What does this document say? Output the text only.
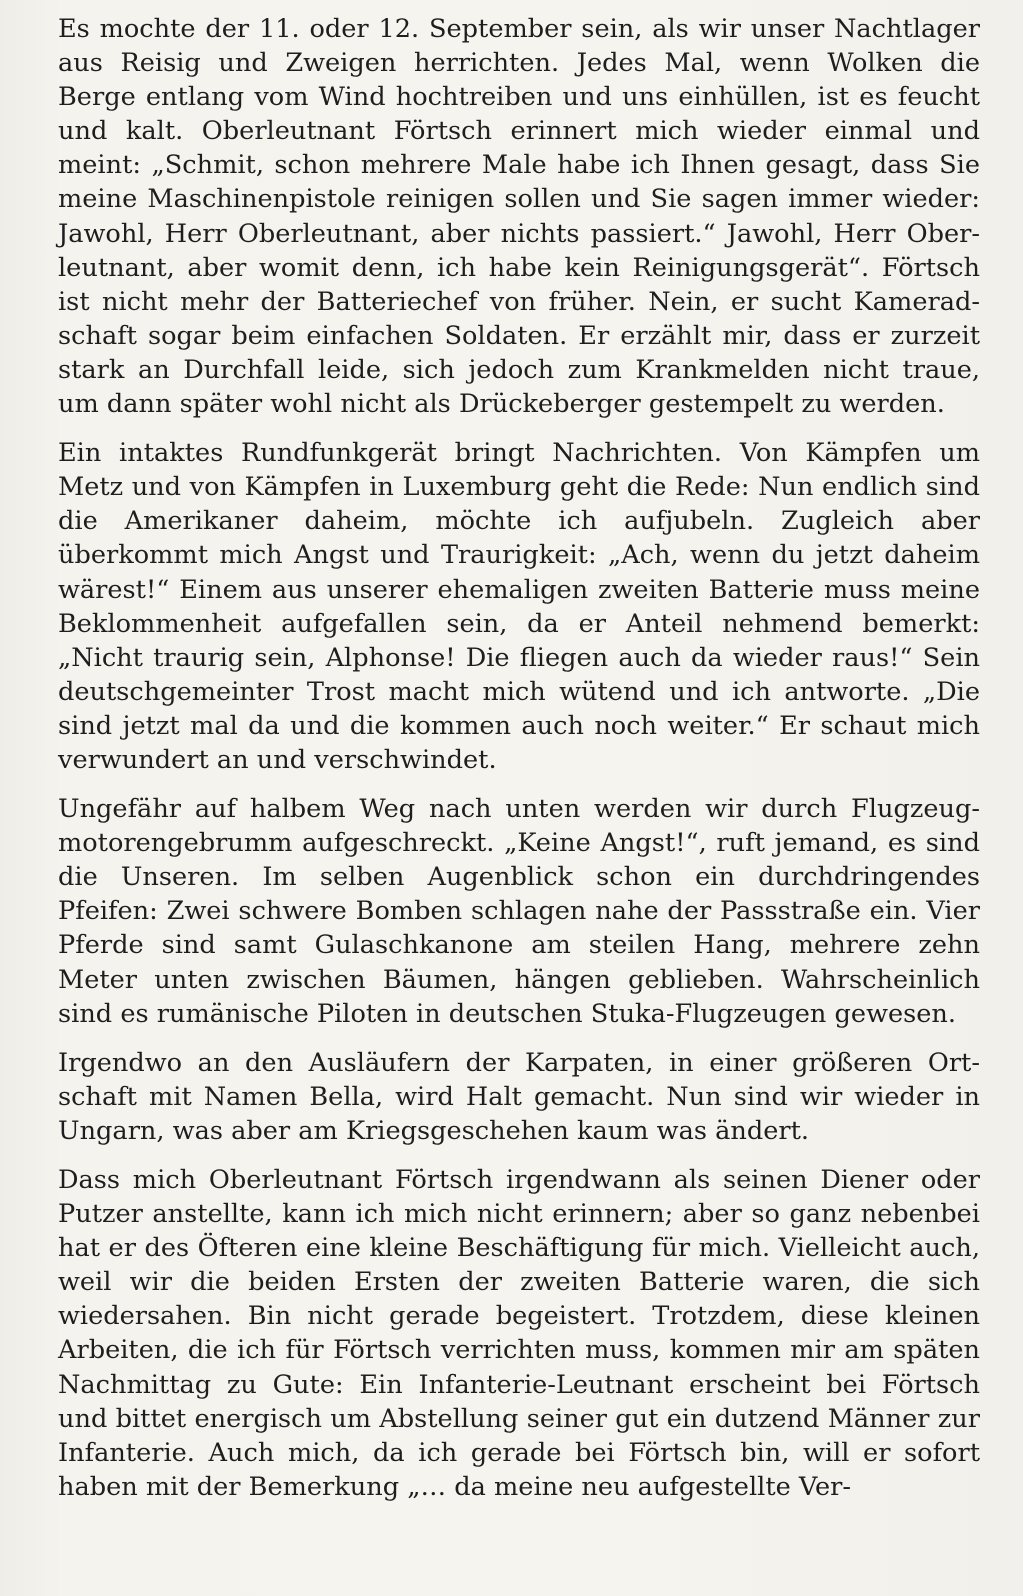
Es mochte der 11. oder 12. September sein, als wir unser Nachtlager aus Reisig und Zweigen herrichten. Jedes Mal, wenn Wolken die Berge entlang vom Wind hochtreiben und uns einhüllen, ist es feucht und kalt. Oberleutnant Förtsch erinnert mich wieder einmal und meint: „Schmit, schon mehrere Male habe ich Ihnen gesagt, dass Sie meine Maschinenpistole reinigen sollen und Sie sagen immer wieder: Jawohl, Herr Oberleutnant, aber nichts passiert.“ Jawohl, Herr Oberleutnant, aber womit denn, ich habe kein Reinigungsgerät“. Förtsch ist nicht mehr der Batteriechef von früher. Nein, er sucht Kameradschaft sogar beim einfachen Soldaten. Er erzählt mir, dass er zurzeit stark an Durchfall leide, sich jedoch zum Krankmelden nicht traue, um dann später wohl nicht als Drückeberger gestempelt zu werden.

Ein intaktes Rundfunkgerät bringt Nachrichten. Von Kämpfen um Metz und von Kämpfen in Luxemburg geht die Rede: Nun endlich sind die Amerikaner daheim, möchte ich aufjubeln. Zugleich aber überkommt mich Angst und Traurigkeit: „Ach, wenn du jetzt daheim wärest!“ Einem aus unserer ehemaligen zweiten Batterie muss meine Beklommenheit aufgefallen sein, da er Anteil nehmend bemerkt: „Nicht traurig sein, Alphonse! Die fliegen auch da wieder raus!“ Sein deutschgemeinter Trost macht mich wütend und ich antworte. „Die sind jetzt mal da und die kommen auch noch weiter.“ Er schaut mich verwundert an und verschwindet.

Ungefähr auf halbem Weg nach unten werden wir durch Flugzeugmotorengebrumm aufgeschreckt. „Keine Angst!“, ruft jemand, es sind die Unseren. Im selben Augenblick schon ein durchdringendes Pfeifen: Zwei schwere Bomben schlagen nahe der Passstraße ein. Vier Pferde sind samt Gulaschkanone am steilen Hang, mehrere zehn Meter unten zwischen Bäumen, hängen geblieben. Wahrscheinlich sind es rumänische Piloten in deutschen Stuka-Flugzeugen gewesen.

Irgendwo an den Ausläufern der Karpaten, in einer größeren Ortschaft mit Namen Bella, wird Halt gemacht. Nun sind wir wieder in Ungarn, was aber am Kriegsgeschehen kaum was ändert.

Dass mich Oberleutnant Förtsch irgendwann als seinen Diener oder Putzer anstellte, kann ich mich nicht erinnern; aber so ganz nebenbei hat er des Öfteren eine kleine Beschäftigung für mich. Vielleicht auch, weil wir die beiden Ersten der zweiten Batterie waren, die sich wiedersahen. Bin nicht gerade begeistert. Trotzdem, diese kleinen Arbeiten, die ich für Förtsch verrichten muss, kommen mir am späten Nachmittag zu Gute: Ein Infanterie-Leutnant erscheint bei Förtsch und bittet energisch um Abstellung seiner gut ein dutzend Männer zur Infanterie. Auch mich, da ich gerade bei Förtsch bin, will er sofort haben mit der Bemerkung „… da meine neu aufgestellte Ver-
